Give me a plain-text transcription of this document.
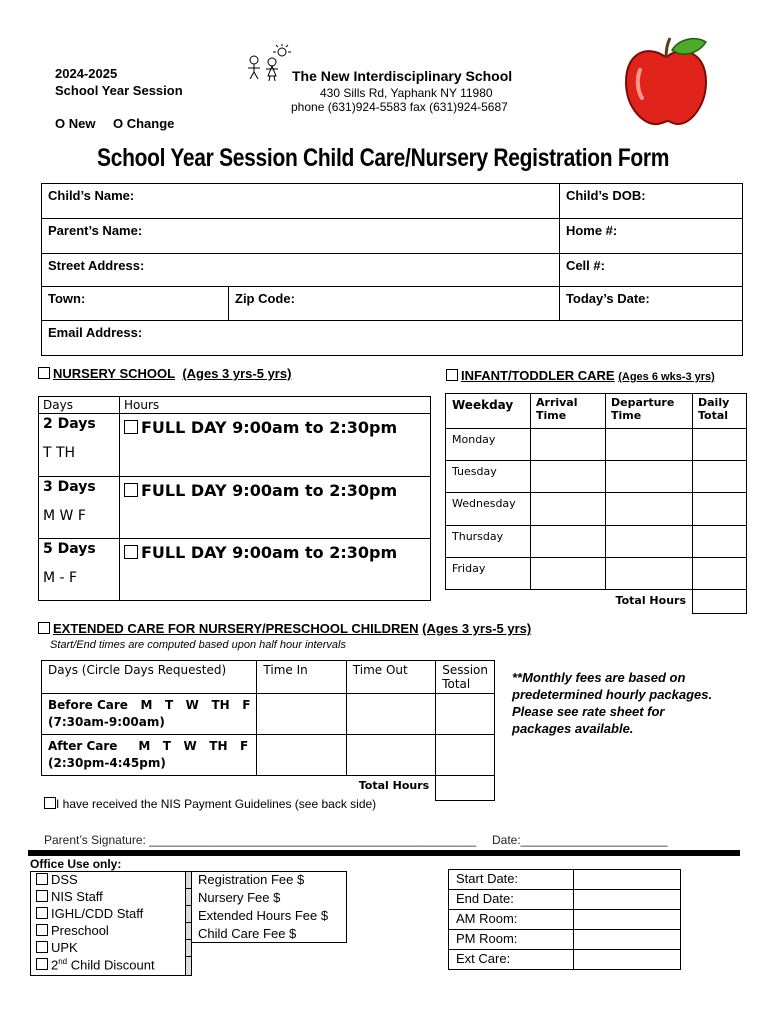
2024-2025
School Year Session
O New O Change
The New Interdisciplinary School
430 Sills Rd, Yaphank NY 11980
phone (631)924-5583 fax (631)924-5687
School Year Session Child Care/Nursery Registration Form
Child’s Name:		Child’s DOB:
Parent’s Name:		Home #:
Street Address:		Cell #:
Town:	Zip Code:	Today’s Date:
Email Address:		
NURSERY SCHOOL (Ages 3 yrs-5 yrs)	INFANT/TODDLER CARE (Ages 6 wks-3 yrs)
Days	Hours

2 Days
T TH	FULL DAY 9:00am to 2:30pm

3 Days
M W F	FULL DAY 9:00am to 2:30pm

5 Days
M - F	FULL DAY 9:00am to 2:30pm
Weekday	Arrival Time	Departure Time	Daily Total
Monday			
Tuesday			
Wednesday			
Thursday			
Friday			
Total Hours			
EXTENDED CARE FOR NURSERY/PRESCHOOL CHILDREN (Ages 3 yrs-5 yrs)
Start/End times are computed based upon half hour intervals
Days (Circle Days Requested)	Time In	Time Out	Session Total

Before Care   M   T   W   TH   F
(7:30am-9:00am)			

After Care     M   T   W   TH   F
(2:30pm-4:45pm)			

Total Hours			
**Monthly fees are based on predetermined hourly packages. Please see rate sheet for packages available.
I have received the NIS Payment Guidelines (see back side)
Parent’s Signature: _________________________________________________ Date:______________________
Office Use only:
DSS	
NIS Staff	
IGHL/CDD Staff	
Preschool	
UPK	
2nd Child Discount	
Registration Fee $
Nursery Fee $
Extended Hours Fee $
Child Care Fee $
Start Date:	
End Date:	
AM Room:	
PM Room:	
Ext Care:	
